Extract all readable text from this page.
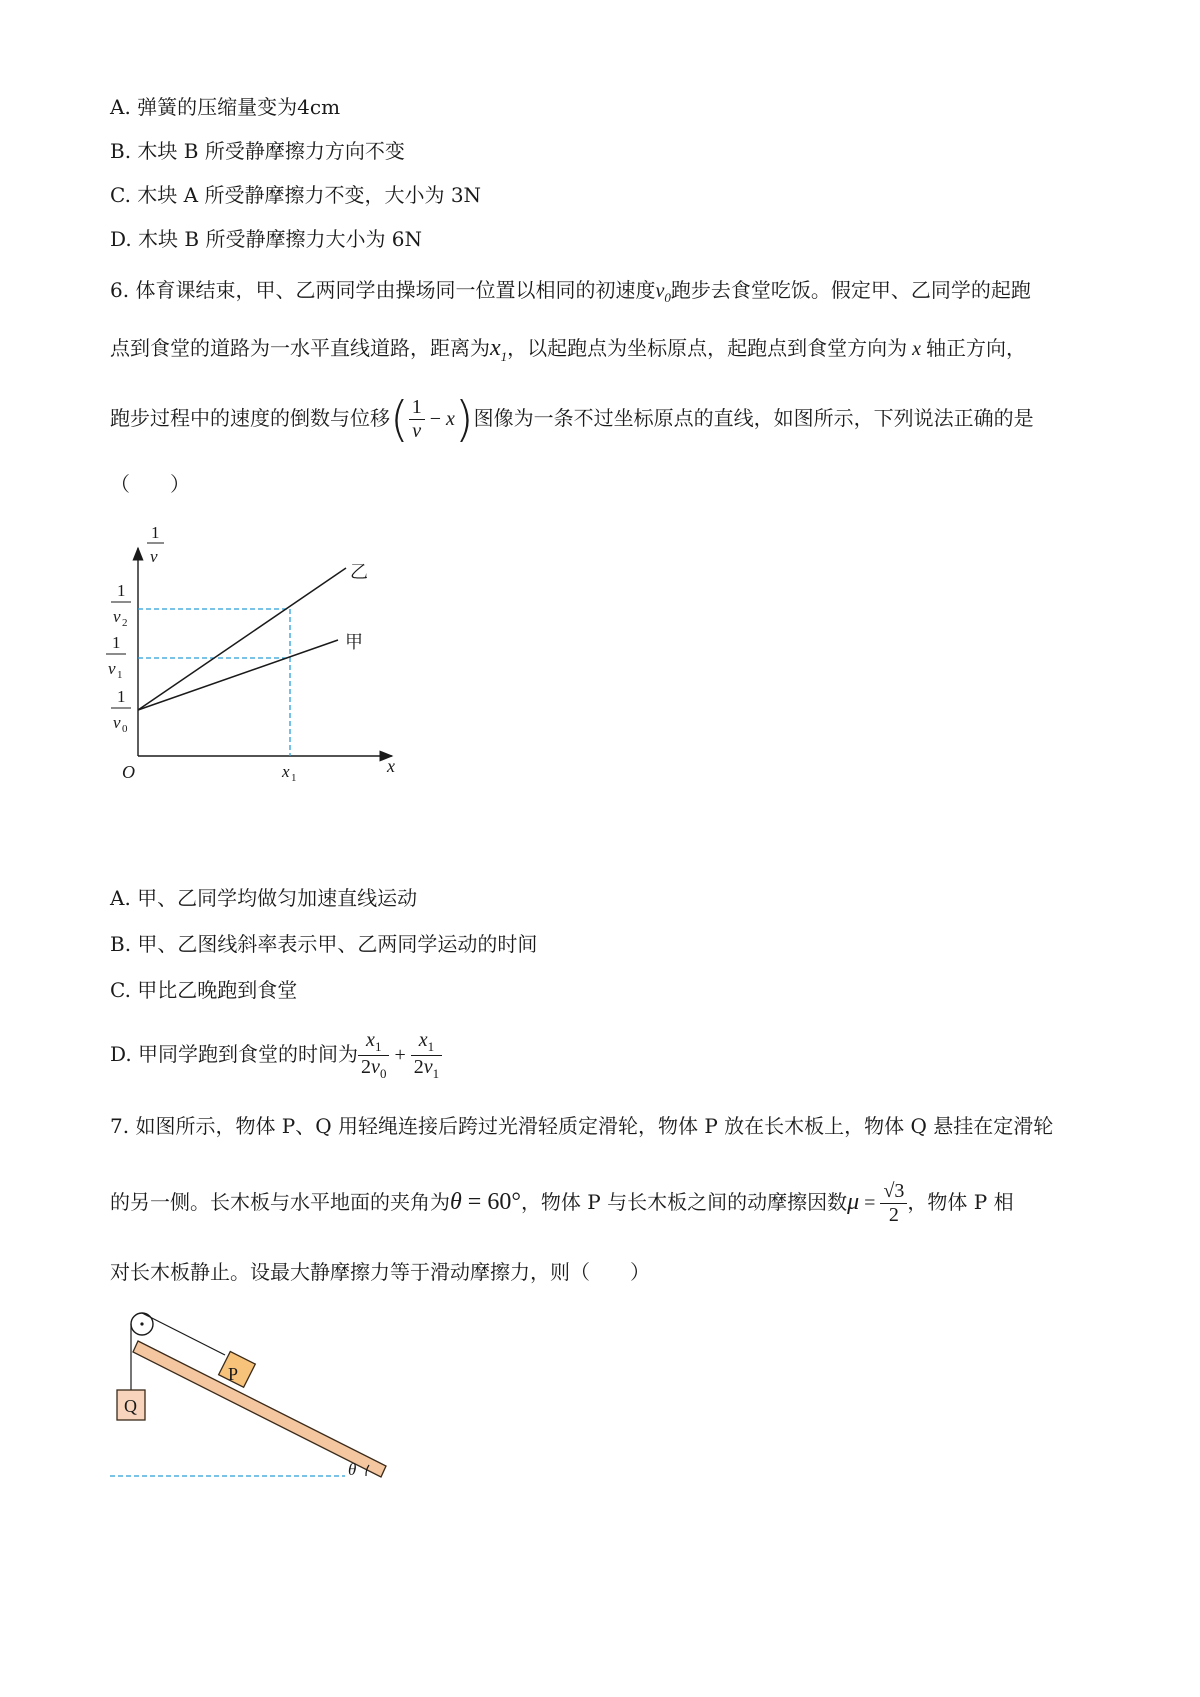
A. 弹簧的压缩量变为4cm
B. 木块 B 所受静摩擦力方向不变
C. 木块 A 所受静摩擦力不变，大小为 3N
D. 木块 B 所受静摩擦力大小为 6N
6. 体育课结束，甲、乙两同学由操场同一位置以相同的初速度$v_0$跑步去食堂吃饭。假定甲、乙同学的起跑
点到食堂的道路为一水平直线道路，距离为$x_1$，以起跑点为坐标原点，起跑点到食堂方向为 x 轴正方向，
跑步过程中的速度的倒数与位移( $\frac{1}{v} - x$)图像为一条不过坐标原点的直线，如图所示，下列说法正确的是
（　　）
乙
甲
1
v
1
v 2
1
v 1
1
v 0
O	x 1
x
A. 甲、乙同学均做匀加速直线运动
B. 甲、乙图线斜率表示甲、乙两同学运动的时间
C. 甲比乙晚跑到食堂
D. 甲同学跑到食堂的时间为 $\frac{x_1}{2v_0} + \frac{x_1}{2v_1}$
7. 如图所示，物体 P、Q 用轻绳连接后跨过光滑轻质定滑轮，物体 P 放在长木板上，物体 Q 悬挂在定滑轮
的另一侧。长木板与水平地面的夹角为θ = 60°，物体 P 与长木板之间的动摩擦因数$\mu = \frac{√3}{2}$ ，物体 P 相
对长木板静止。设最大静摩擦力等于滑动摩擦力，则（　　）
P
Q
θ
